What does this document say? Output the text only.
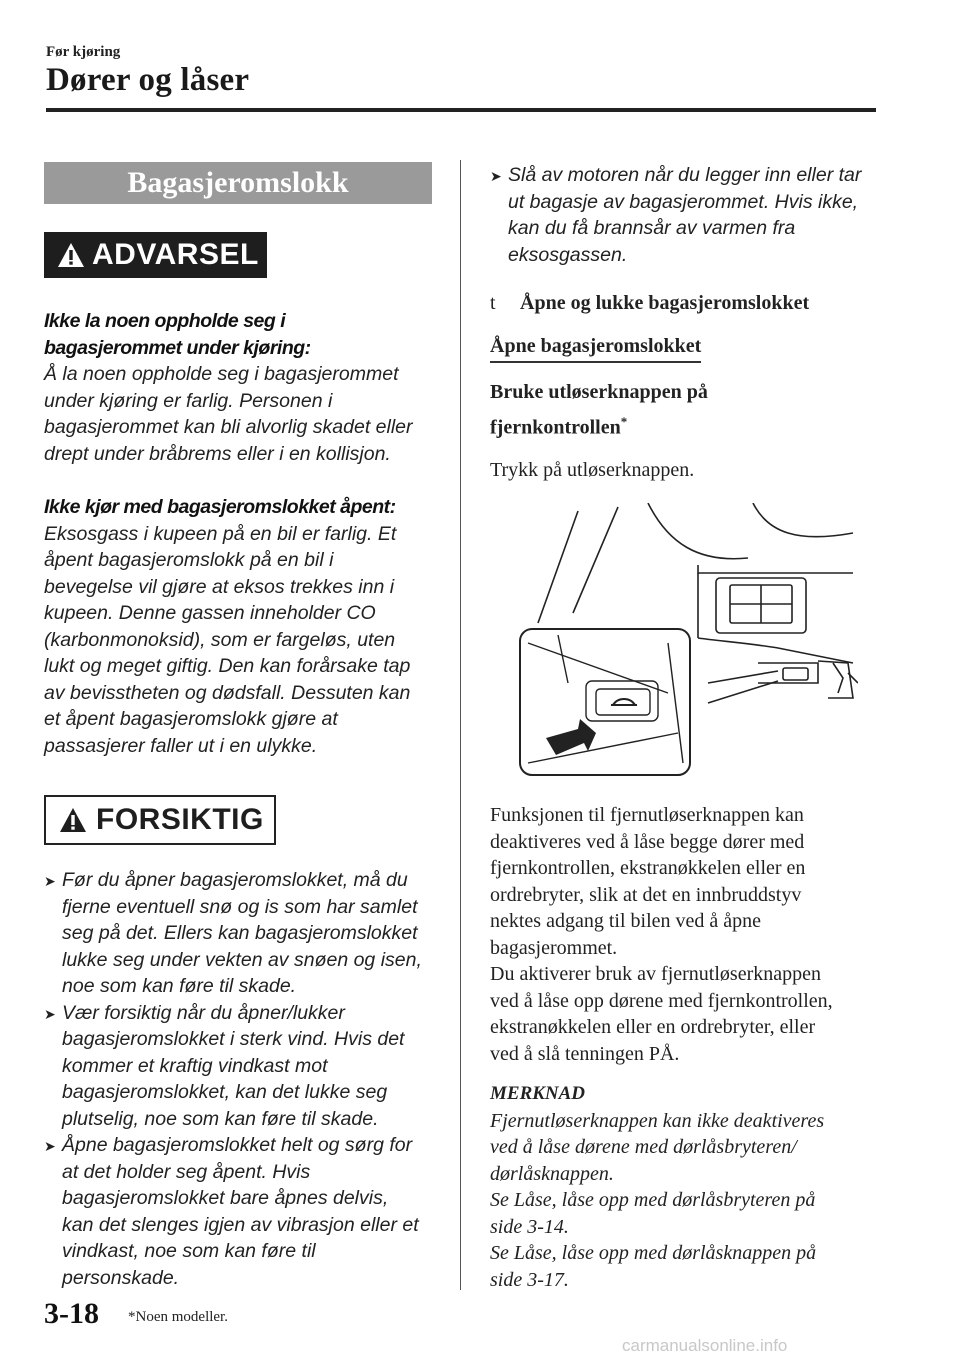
Før kjøring
Dører og låser
Bagasjeromslokk
ADVARSEL
Ikke la noen oppholde seg i bagasjerommet under kjøring:
Å la noen oppholde seg i bagasjerommet
under kjøring er farlig. Personen i
bagasjerommet kan bli alvorlig skadet eller
drept under bråbrems eller i en kollisjon.
Ikke kjør med bagasjeromslokket åpent:
Eksosgass i kupeen på en bil er farlig. Et
åpent bagasjeromslokk på en bil i
bevegelse vil gjøre at eksos trekkes inn i
kupeen. Denne gassen inneholder CO
(karbonmonoksid), som er fargeløs, uten
lukt og meget giftig. Den kan forårsake tap
av bevisstheten og dødsfall. Dessuten kan
et åpent bagasjeromslokk gjøre at
passasjerer faller ut i en ulykke.
FORSIKTIG
➤ Før du åpner bagasjeromslokket, må du
fjerne eventuell snø og is som har samlet
seg på det. Ellers kan bagasjeromslokket
lukke seg under vekten av snøen og isen,
noe som kan føre til skade.
➤ Vær forsiktig når du åpner/lukker
bagasjeromslokket i sterk vind. Hvis det
kommer et kraftig vindkast mot
bagasjeromslokket, kan det lukke seg
plutselig, noe som kan føre til skade.
➤ Åpne bagasjeromslokket helt og sørg for
at det holder seg åpent. Hvis
bagasjeromslokket bare åpnes delvis,
kan det slenges igjen av vibrasjon eller et
vindkast, noe som kan føre til
personskade.
➤ Slå av motoren når du legger inn eller tar
ut bagasje av bagasjerommet. Hvis ikke,
kan du få brannsår av varmen fra
eksosgassen.
t	Åpne og lukke bagasjeromslokket
Åpne bagasjeromslokket
Bruke utløserknappen på
fjernkontrollen*
Trykk på utløserknappen.
Funksjonen til fjernutløserknappen kan
deaktiveres ved å låse begge dører med
fjernkontrollen, ekstranøkkelen eller en
ordrebryter, slik at det en innbruddstyv
nektes adgang til bilen ved å åpne
bagasjerommet.
Du aktiverer bruk av fjernutløserknappen
ved å låse opp dørene med fjernkontrollen,
ekstranøkkelen eller en ordrebryter, eller
ved å slå tenningen PÅ.
MERKNAD
Fjernutløserknappen kan ikke deaktiveres
ved å låse dørene med dørlåsbryteren/
dørlåsknappen.
Se Låse, låse opp med dørlåsbryteren på
side 3-14.
Se Låse, låse opp med dørlåsknappen på
side 3-17.
3-18 *Noen modeller.
carmanualsonline.info
